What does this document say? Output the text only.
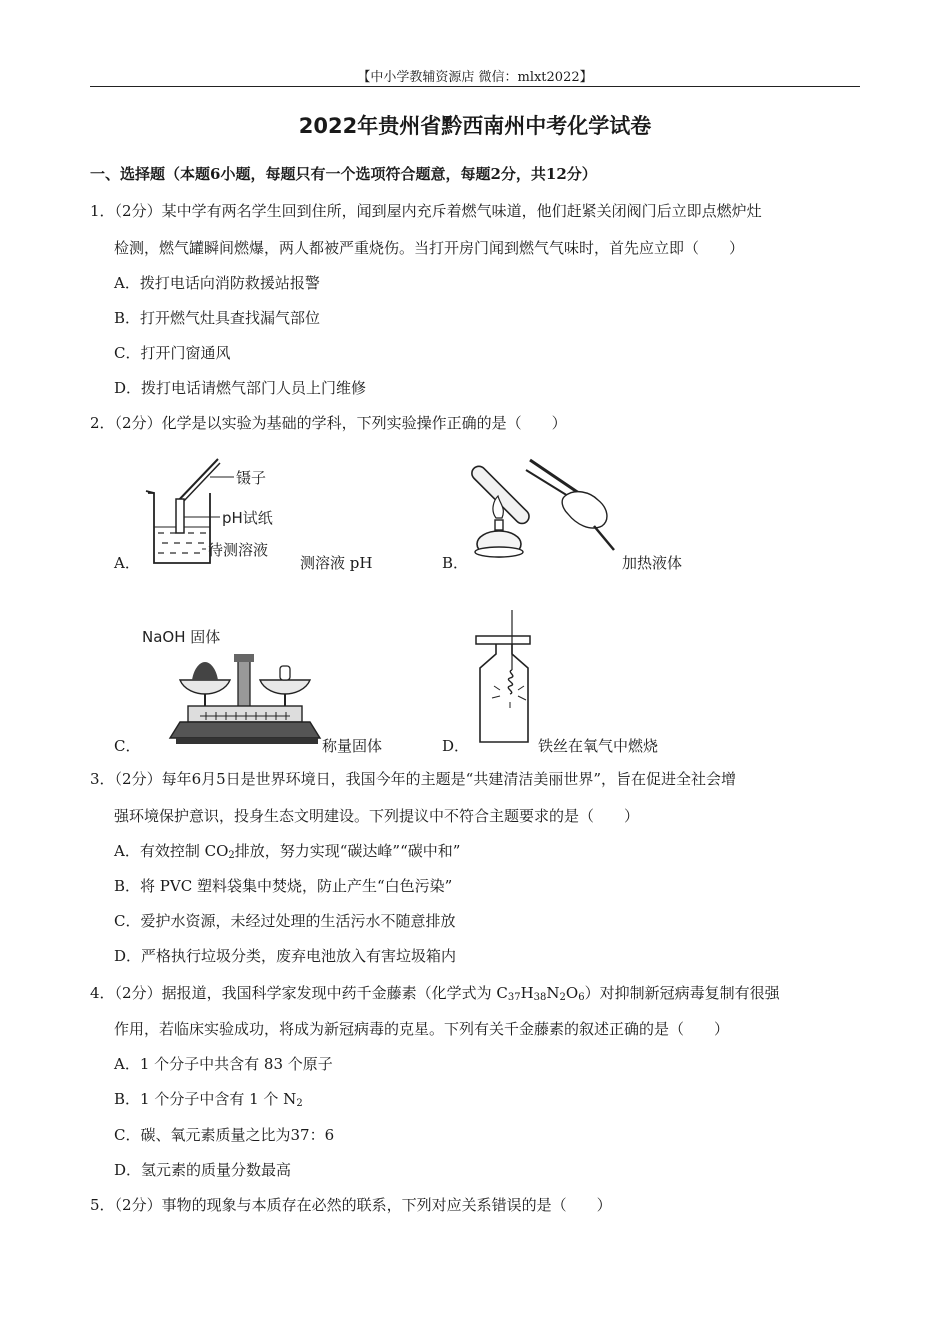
【中小学教辅资源店 微信：mlxt2022】
2022年贵州省黔西南州中考化学试卷
一、选择题（本题6小题，每题只有一个选项符合题意，每题2分，共12分）
1．（2分）某中学有两名学生回到住所，闻到屋内充斥着燃气味道，他们赶紧关闭阀门后立即点燃炉灶
检测，燃气罐瞬间燃爆，两人都被严重烧伤。当打开房门闻到燃气气味时，首先应立即（　　）
A．拨打电话向消防救援站报警
B．打开燃气灶具查找漏气部位
C．打开门窗通风
D．拨打电话请燃气部门人员上门维修
2．（2分）化学是以实验为基础的学科，下列实验操作正确的是（　　）
A．
镊子
pH试纸
待测溶液
测溶液 pH	B．	加热液体
C．
NaOH 固体
称量固体	D．	铁丝在氧气中燃烧
3．（2分）每年6月5日是世界环境日，我国今年的主题是“共建清洁美丽世界”，旨在促进全社会增
强环境保护意识，投身生态文明建设。下列提议中不符合主题要求的是（　　）
A．有效控制 $CO_2$排放，努力实现“碳达峰”“碳中和”
B．将 PVC 塑料袋集中焚烧，防止产生“白色污染”
C．爱护水资源，未经过处理的生活污水不随意排放
D．严格执行垃圾分类，废弃电池放入有害垃圾箱内
4．（2分）据报道，我国科学家发现中药千金藤素（化学式为 $C_{37}H_{38}N_2O_6$）对抑制新冠病毒复制有很强
作用，若临床实验成功，将成为新冠病毒的克星。下列有关千金藤素的叙述正确的是（　　）
A．1 个分子中共含有 83 个原子
B．1 个分子中含有 1 个 $N_2$
C．碳、氧元素质量之比为37：6
D．氢元素的质量分数最高
5．（2分）事物的现象与本质存在必然的联系，下列对应关系错误的是（　　）
